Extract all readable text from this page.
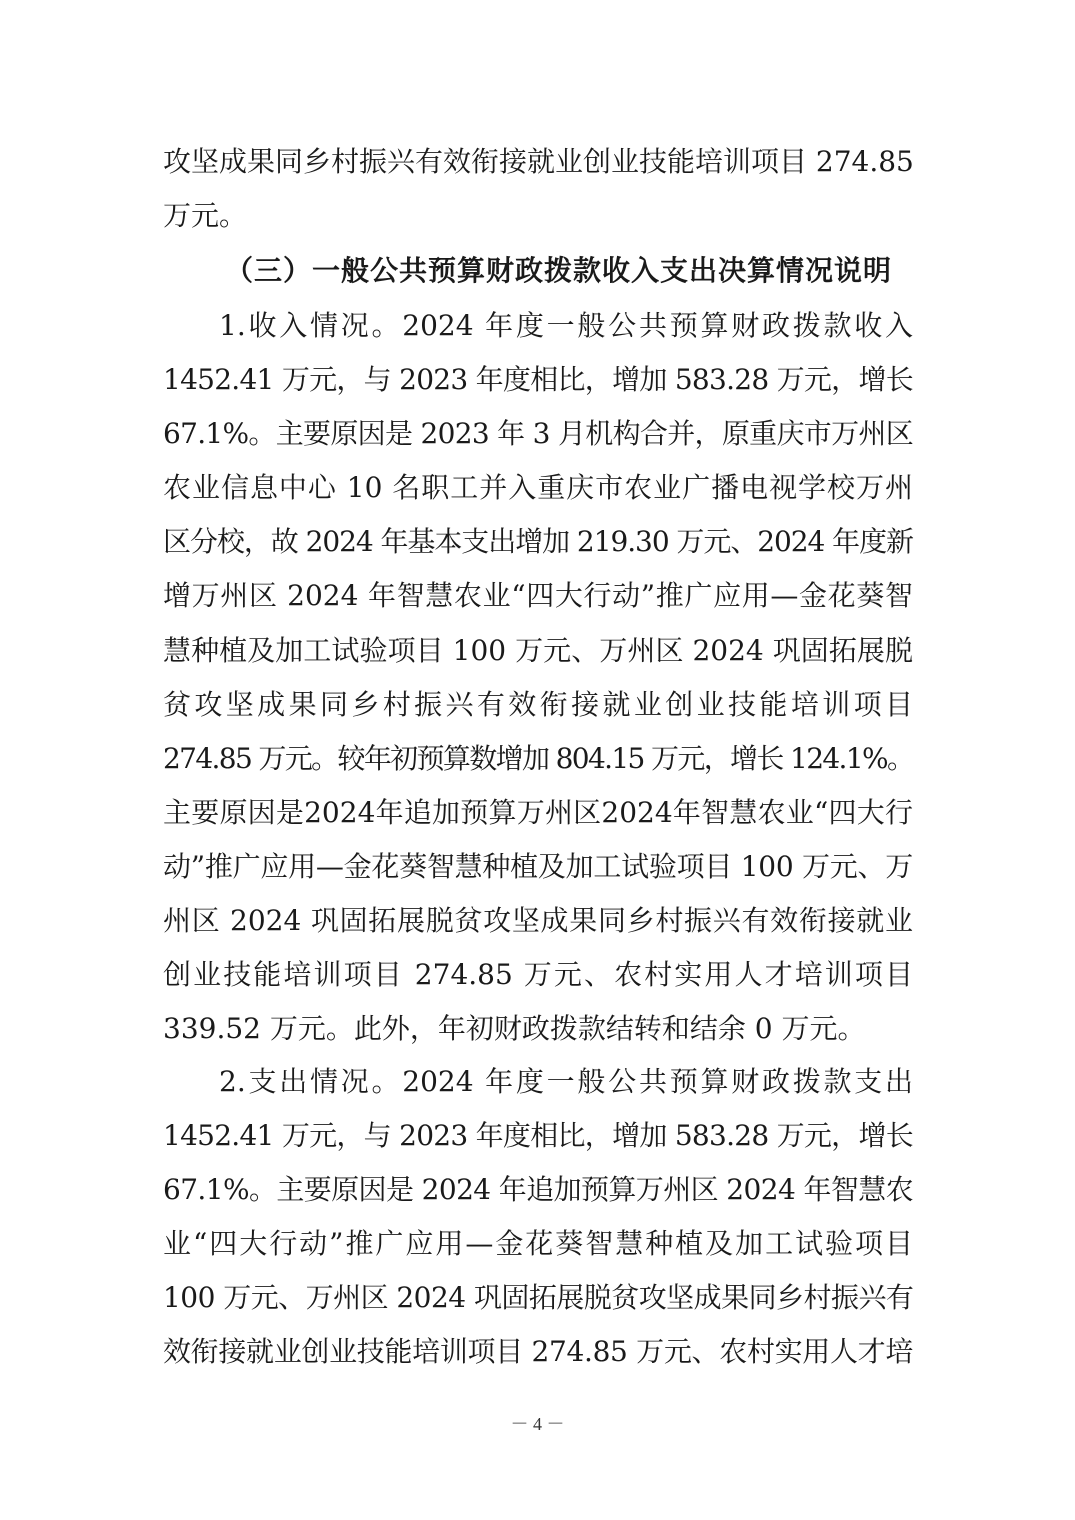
攻坚成果同乡村振兴有效衔接就业创业技能培训项目 274.85
万元。
（三）一般公共预算财政拨款收入支出决算情况说明
1.收入情况。2024 年度一般公共预算财政拨款收入
1452.41 万元，与 2023 年度相比，增加 583.28 万元，增长
67.1%。主要原因是 2023 年 3 月机构合并，原重庆市万州区
农业信息中心 10 名职工并入重庆市农业广播电视学校万州
区分校，故 2024 年基本支出增加 219.30 万元、2024 年度新
增万州区 2024 年智慧农业“四大行动”推广应用—金花葵智
慧种植及加工试验项目 100 万元、万州区 2024 巩固拓展脱
贫攻坚成果同乡村振兴有效衔接就业创业技能培训项目
274.85 万元。较年初预算数增加 804.15 万元，增长 124.1%。
主要原因是2024年追加预算万州区2024年智慧农业“四大行
动”推广应用—金花葵智慧种植及加工试验项目 100 万元、万
州区 2024 巩固拓展脱贫攻坚成果同乡村振兴有效衔接就业
创业技能培训项目 274.85 万元、农村实用人才培训项目
339.52 万元。此外，年初财政拨款结转和结余 0 万元。
2.支出情况。2024 年度一般公共预算财政拨款支出
1452.41 万元，与 2023 年度相比，增加 583.28 万元，增长
67.1%。主要原因是 2024 年追加预算万州区 2024 年智慧农
业“四大行动”推广应用—金花葵智慧种植及加工试验项目
100 万元、万州区 2024 巩固拓展脱贫攻坚成果同乡村振兴有
效衔接就业创业技能培训项目 274.85 万元、农村实用人才培
－ 4 －
